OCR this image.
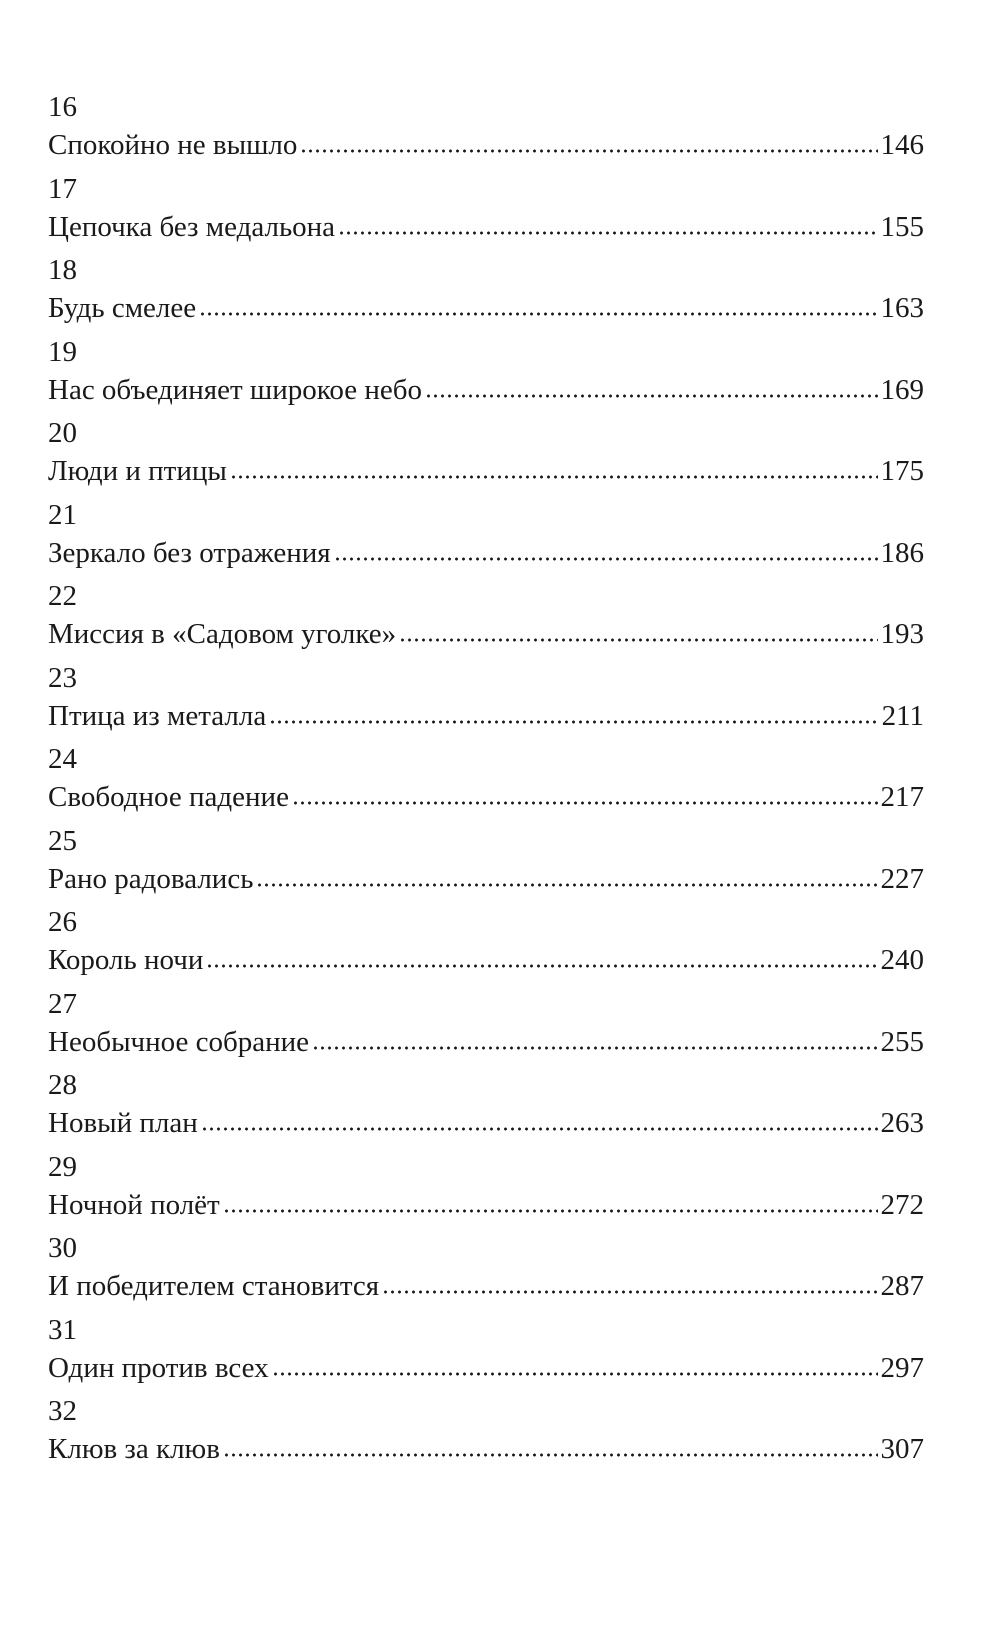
16
Спокойно не вышло	146
17
Цепочка без медальона	155
18
Будь смелее	163
19
Нас объединяет широкое небо	169
20
Люди и птицы	175
21
Зеркало без отражения	186
22
Миссия в «Садовом уголке»	193
23
Птица из металла	211
24
Свободное падение	217
25
Рано радовались	227
26
Король ночи	240
27
Необычное собрание	255
28
Новый план	263
29
Ночной полёт	272
30
И победителем становится	287
31
Один против всех	297
32
Клюв за клюв	307
